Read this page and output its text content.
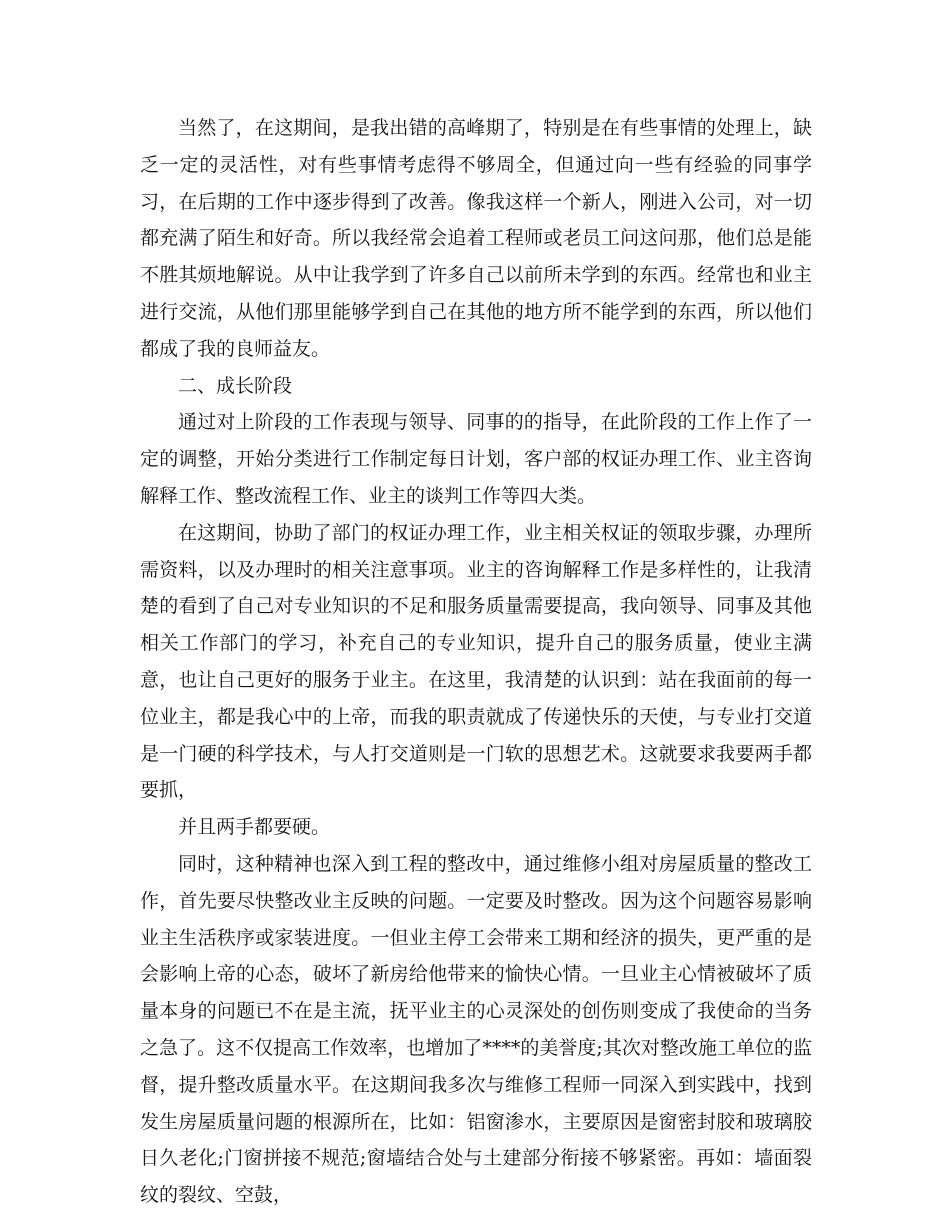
当然了，在这期间，是我出错的高峰期了，特别是在有些事情的处理上，缺乏一定的灵活性，对有些事情考虑得不够周全，但通过向一些有经验的同事学习，在后期的工作中逐步得到了改善。像我这样一个新人，刚进入公司，对一切都充满了陌生和好奇。所以我经常会追着工程师或老员工问这问那，他们总是能不胜其烦地解说。从中让我学到了许多自己以前所未学到的东西。经常也和业主进行交流，从他们那里能够学到自己在其他的地方所不能学到的东西，所以他们都成了我的良师益友。

二、成长阶段

通过对上阶段的工作表现与领导、同事的的指导，在此阶段的工作上作了一定的调整，开始分类进行工作制定每日计划，客户部的权证办理工作、业主咨询解释工作、整改流程工作、业主的谈判工作等四大类。

在这期间，协助了部门的权证办理工作，业主相关权证的领取步骤，办理所需资料，以及办理时的相关注意事项。业主的咨询解释工作是多样性的，让我清楚的看到了自己对专业知识的不足和服务质量需要提高，我向领导、同事及其他相关工作部门的学习，补充自己的专业知识，提升自己的服务质量，使业主满意，也让自己更好的服务于业主。在这里，我清楚的认识到：站在我面前的每一位业主，都是我心中的上帝，而我的职责就成了传递快乐的天使，与专业打交道是一门硬的科学技术，与人打交道则是一门软的思想艺术。这就要求我要两手都要抓，

并且两手都要硬。

同时，这种精神也深入到工程的整改中，通过维修小组对房屋质量的整改工作，首先要尽快整改业主反映的问题。一定要及时整改。因为这个问题容易影响业主生活秩序或家装进度。一但业主停工会带来工期和经济的损失，更严重的是会影响上帝的心态，破坏了新房给他带来的愉快心情。一旦业主心情被破坏了质量本身的问题已不在是主流，抚平业主的心灵深处的创伤则变成了我使命的当务之急了。这不仅提高工作效率，也增加了****的美誉度;其次对整改施工单位的监督，提升整改质量水平。在这期间我多次与维修工程师一同深入到实践中，找到发生房屋质量问题的根源所在，比如：铝窗渗水，主要原因是窗密封胶和玻璃胶日久老化;门窗拼接不规范;窗墙结合处与土建部分衔接不够紧密。再如：墙面裂纹的裂纹、空鼓，
